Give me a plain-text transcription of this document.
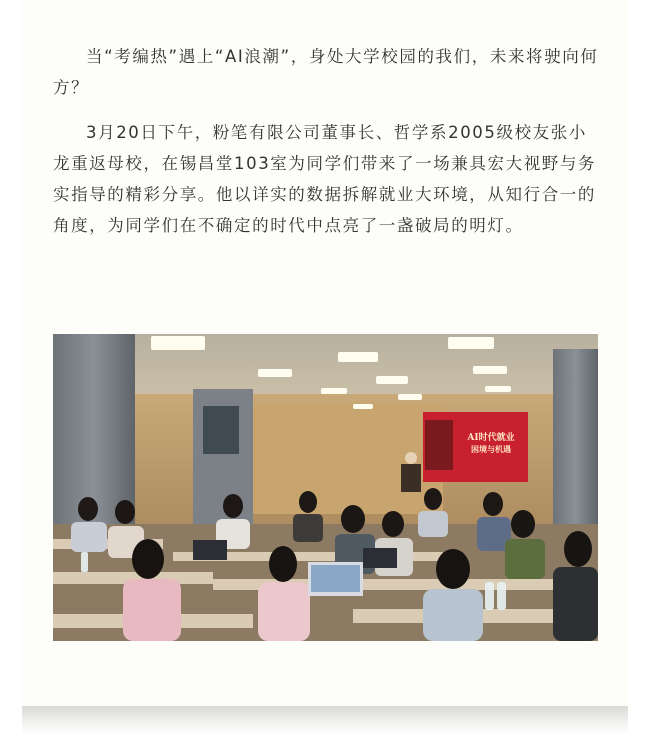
当“考编热”遇上“AI浪潮”，身处大学校园的我们，未来将驶向何方？

3月20日下午，粉笔有限公司董事长、哲学系2005级校友张小龙重返母校，在锡昌堂103室为同学们带来了一场兼具宏大视野与务实指导的精彩分享。他以详实的数据拆解就业大环境，从知行合一的角度，为同学们在不确定的时代中点亮了一盏破局的明灯。

AI时代就业
困境与机遇
